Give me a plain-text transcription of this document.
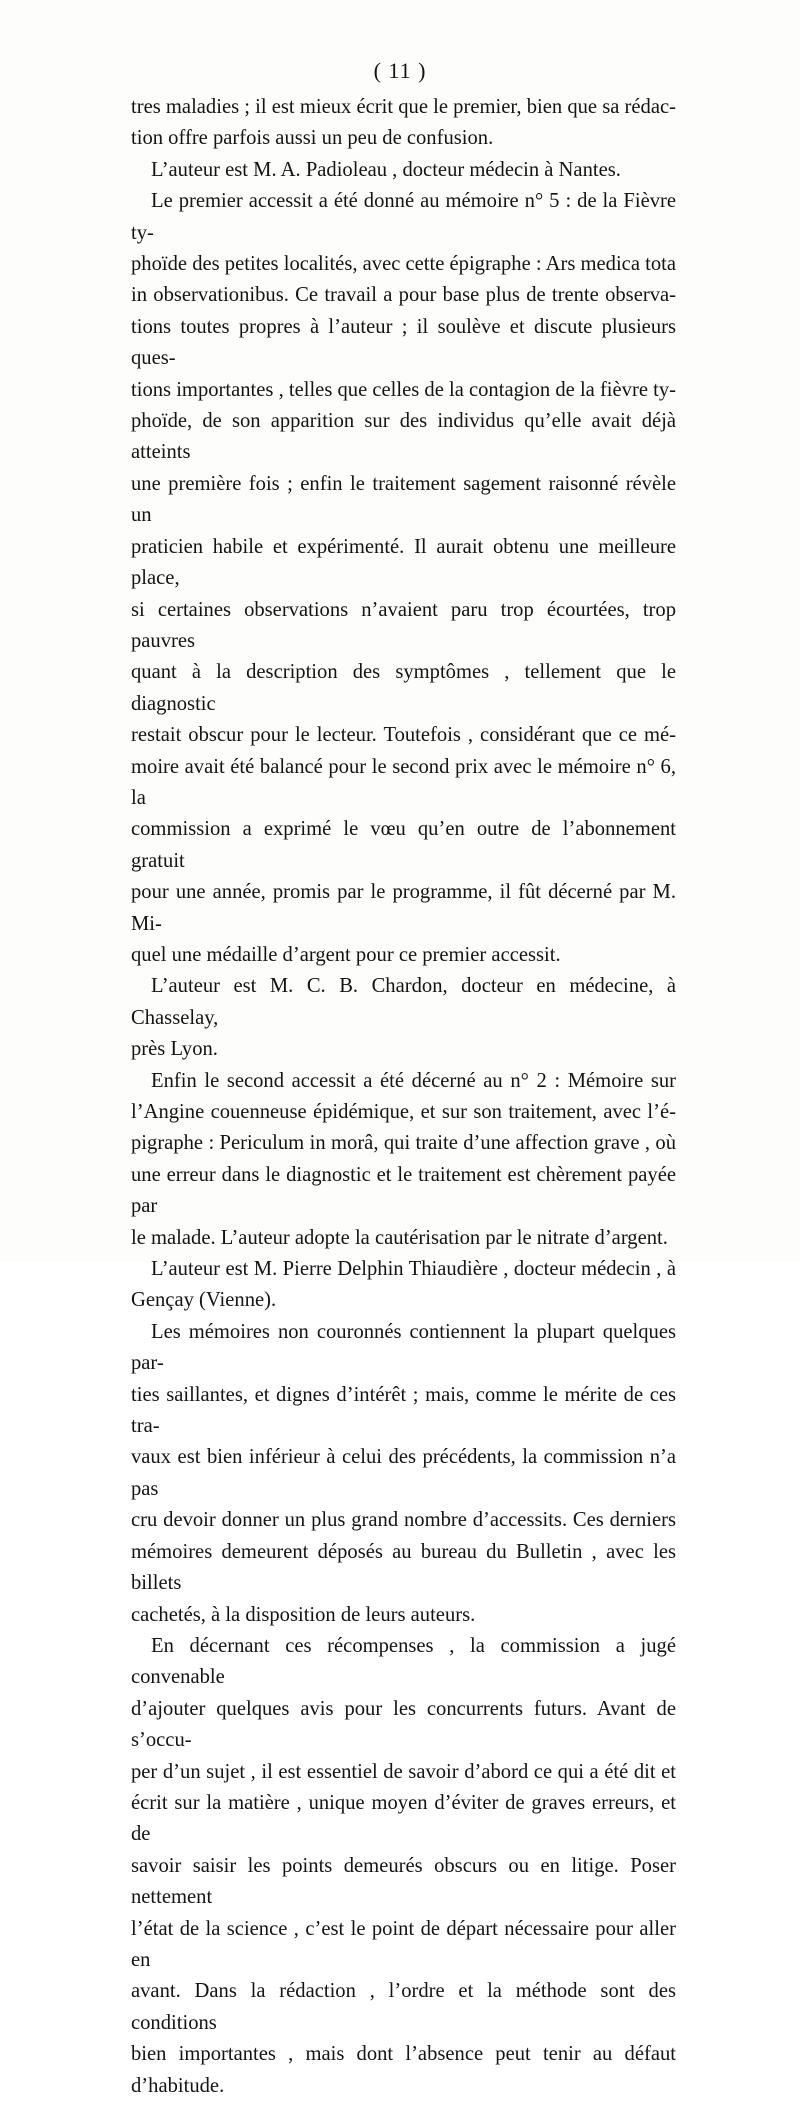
( 11 )

tres maladies ; il est mieux écrit que le premier, bien que sa rédac-
tion offre parfois aussi un peu de confusion.

L’auteur est M. A. Padioleau , docteur médecin à Nantes.

Le premier accessit a été donné au mémoire n° 5 : de la Fièvre ty-
phoïde des petites localités, avec cette épigraphe : Ars medica tota
in observationibus. Ce travail a pour base plus de trente observa-
tions toutes propres à l’auteur ; il soulève et discute plusieurs ques-
tions importantes , telles que celles de la contagion de la fièvre ty-
phoïde, de son apparition sur des individus qu’elle avait déjà atteints
une première fois ; enfin le traitement sagement raisonné révèle un
praticien habile et expérimenté. Il aurait obtenu une meilleure place,
si certaines observations n’avaient paru trop écourtées, trop pauvres
quant à la description des symptômes , tellement que le diagnostic
restait obscur pour le lecteur. Toutefois , considérant que ce mé-
moire avait été balancé pour le second prix avec le mémoire n° 6, la
commission a exprimé le vœu qu’en outre de l’abonnement gratuit
pour une année, promis par le programme, il fût décerné par M. Mi-
quel une médaille d’argent pour ce premier accessit.

L’auteur est M. C. B. Chardon, docteur en médecine, à Chasselay,
près Lyon.

Enfin le second accessit a été décerné au n° 2 : Mémoire sur
l’Angine couenneuse épidémique, et sur son traitement, avec l’é-
pigraphe : Periculum in morâ, qui traite d’une affection grave , où
une erreur dans le diagnostic et le traitement est chèrement payée par
le malade. L’auteur adopte la cautérisation par le nitrate d’argent.

L’auteur est M. Pierre Delphin Thiaudière , docteur médecin , à
Gençay (Vienne).

Les mémoires non couronnés contiennent la plupart quelques par-
ties saillantes, et dignes d’intérêt ; mais, comme le mérite de ces tra-
vaux est bien inférieur à celui des précédents, la commission n’a pas
cru devoir donner un plus grand nombre d’accessits. Ces derniers
mémoires demeurent déposés au bureau du Bulletin , avec les billets
cachetés, à la disposition de leurs auteurs.

En décernant ces récompenses , la commission a jugé convenable
d’ajouter quelques avis pour les concurrents futurs. Avant de s’occu-
per d’un sujet , il est essentiel de savoir d’abord ce qui a été dit et
écrit sur la matière , unique moyen d’éviter de graves erreurs, et de
savoir saisir les points demeurés obscurs ou en litige. Poser nettement
l’état de la science , c’est le point de départ nécessaire pour aller en
avant. Dans la rédaction , l’ordre et la méthode sont des conditions
bien importantes , mais dont l’absence peut tenir au défaut d’habitude.
